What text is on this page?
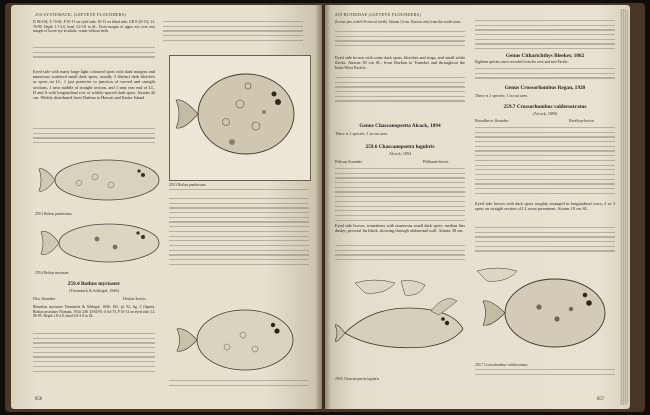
250 SYSTEMATIC (LEFTEYE FLOUNDERS)
D 96-104; A 74-82; P 10-13 on eyed side; 10-13 on blind side; GR 0+(9-11); LL 76-90. Depth 1.7-2.0, head 3.2-3.8 in SL. Front margin of upper eye over rear margin of lower eye in adults; vomer without teeth.
Eyed side with many large light coloured spots with dark margins and numerous scattered small dark spots; usually 3 distinct dark blotches or spots on LL, 1 just posterior to junction of curved and straight sections, 1 near middle of straight section, and 1 near rear end of LL. D and A with longitudinal row of widely-spaced dark spots. Attains 42 cm. Widely distributed from Durban to Hawaii and Easter Island.
259.3 Bothus pantherinus
259.4 Bothus myriaster
259.4 Bothus myriaster
(Temminck & Schlegel, 1846)
Disc flounder	Diskus-botvis
Rhombus myriaster Temminck & Schlegel, 1846: 181, pl. 92, fig. 2 (Japan). Bothus myriaster Norman, 1934: 236. D 84-95; A 64-73; P 10-12 on eyed side; LL 86-95. Depth 1.8-2.0, head 3.6-3.8 in SL.
259.3 Bothus pantherinus
856
259 BOTHIDAE (LEFTEYE FLOUNDERS)
(Lower jaw with 6-8 rows of teeth). Attains 14 cm. Known only from the south coast.
Eyed side brown with some dark spots, blotches and rings, and small white flecks. Attains 30 cm SL; from Durban to Transkei and throughout the Indo-West Pacific.
Genus Chascanopsetta Alcock, 1894
There is 1 species; 1 in our area.
259.6 Chascanopsetta lugubris
Alcock, 1894
Pelican flounder	Pelikaan-botvis
Eyed side brown, sometimes with numerous small dark spots; median fins dusky; pectoral fin black, showing through abdominal wall. Attains 38 cm.
259.6 Chascanopsetta lugubris
Genus Citharichthys Bleeker, 1862
Eighteen species, most recorded from the west and east Pacific.
Genus Crossorhombus Regan, 1920
There is 1 species; 1 in our area.
259.7 Crossorhombus valderostratus
(Alcock, 1890)
Broadbrow flounder	Breëkop-botvis
Eyed side brown with dark spots roughly arranged in longitudinal rows; 2 or 3 spots on straight section of LL most prominent. Attains 10 cm SL.
259.7 Crossorhombus valderostratus
857
